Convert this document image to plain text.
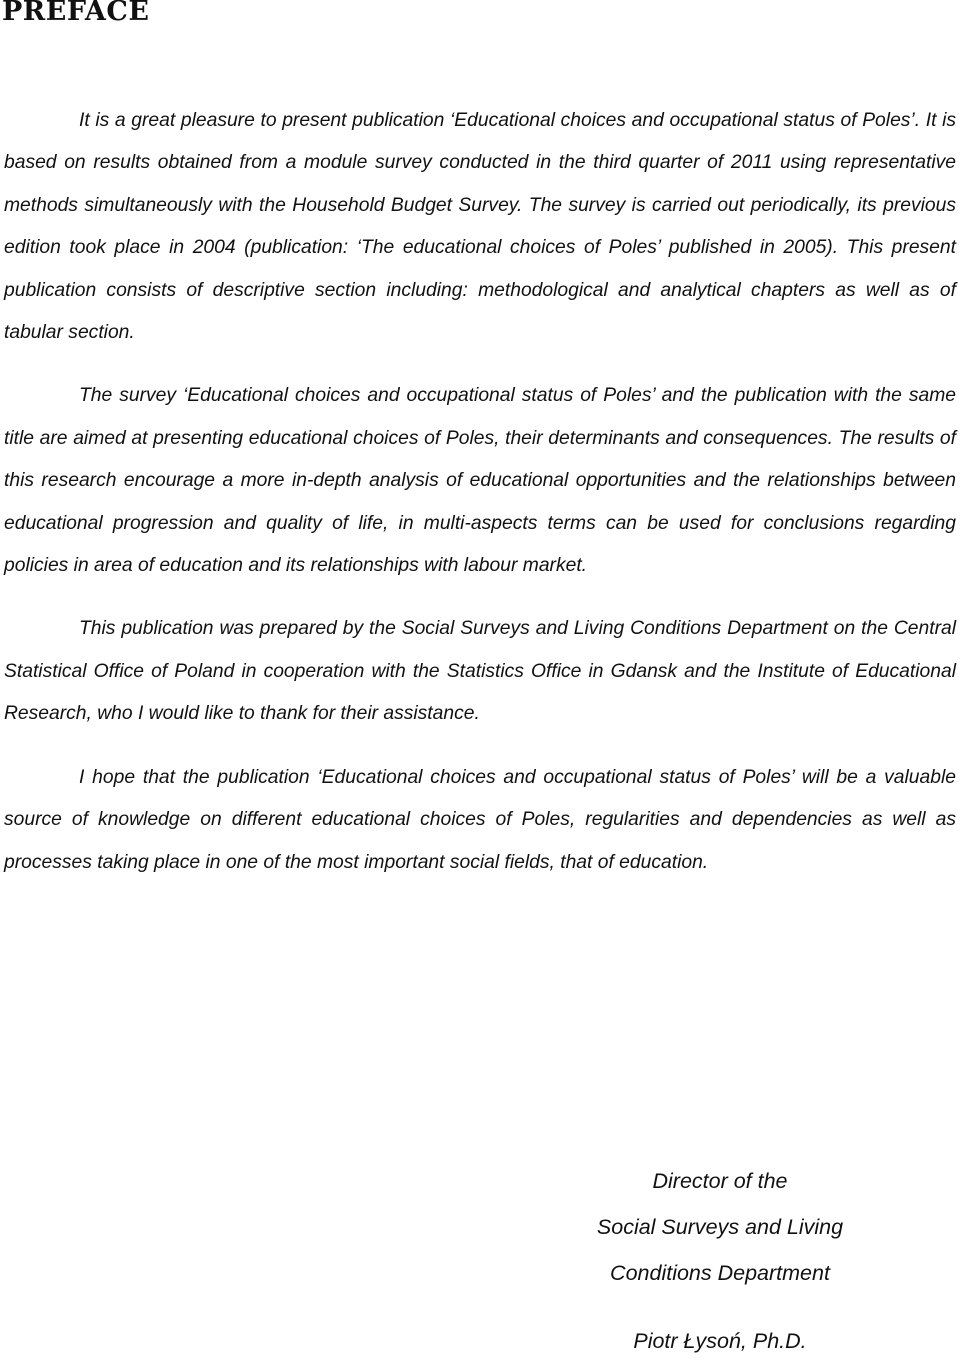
PREFACE

It is a great pleasure to present publication ‘Educational choices and occupational status of Poles’. It is based on results obtained from a module survey conducted in the third quarter of 2011 using representative methods simultaneously with the Household Budget Survey. The survey is carried out periodically, its previous edition took place in 2004 (publication: ‘The educational choices of Poles’ published in 2005). This present publication consists of descriptive section including: methodological and analytical chapters as well as of tabular section.

The survey ‘Educational choices and occupational status of Poles’ and the publication with the same title are aimed at presenting educational choices of Poles, their determinants and consequences. The results of this research encourage a more in-depth analysis of educational opportunities and the relationships between educational progression and quality of life, in multi-aspects terms can be used for conclusions regarding policies in area of education and its relationships with labour market.

This publication was prepared by the Social Surveys and Living Conditions Department on the Central Statistical Office of Poland in cooperation with the Statistics Office in Gdansk and the Institute of Educational Research, who I would like to thank for their assistance.

I hope that the publication ‘Educational choices and occupational status of Poles’ will be a valuable source of knowledge on different educational choices of Poles, regularities and dependencies as well as processes taking place in one of the most important social fields, that of education.

Director of the
Social Surveys and Living
Conditions Department
Piotr Łysoń, Ph.D.
